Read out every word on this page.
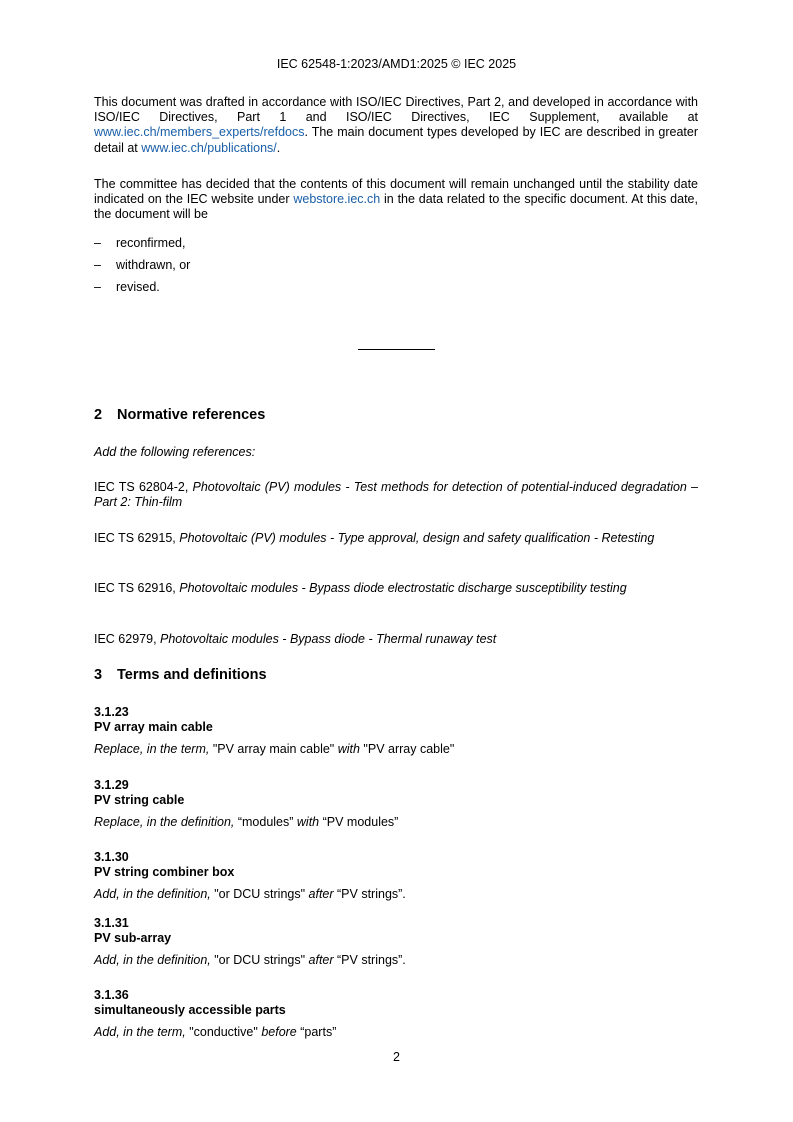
IEC 62548-1:2023/AMD1:2025 © IEC 2025
This document was drafted in accordance with ISO/IEC Directives, Part 2, and developed in accordance with ISO/IEC Directives, Part 1 and ISO/IEC Directives, IEC Supplement, available at www.iec.ch/members_experts/refdocs. The main document types developed by IEC are described in greater detail at www.iec.ch/publications/.
The committee has decided that the contents of this document will remain unchanged until the stability date indicated on the IEC website under webstore.iec.ch in the data related to the specific document. At this date, the document will be
– reconfirmed,
– withdrawn, or
– revised.
2 Normative references
Add the following references:
IEC TS 62804-2, Photovoltaic (PV) modules - Test methods for detection of potential-induced degradation – Part 2: Thin-film
IEC TS 62915, Photovoltaic (PV) modules - Type approval, design and safety qualification - Retesting
IEC TS 62916, Photovoltaic modules - Bypass diode electrostatic discharge susceptibility testing
IEC 62979, Photovoltaic modules - Bypass diode - Thermal runaway test
3 Terms and definitions
3.1.23
PV array main cable
Replace, in the term, "PV array main cable" with "PV array cable"
3.1.29
PV string cable
Replace, in the definition, “modules” with “PV modules”
3.1.30
PV string combiner box
Add, in the definition, "or DCU strings" after “PV strings”.
3.1.31
PV sub-array
Add, in the definition, "or DCU strings" after “PV strings”.
3.1.36
simultaneously accessible parts
Add, in the term, "conductive" before “parts”
2
